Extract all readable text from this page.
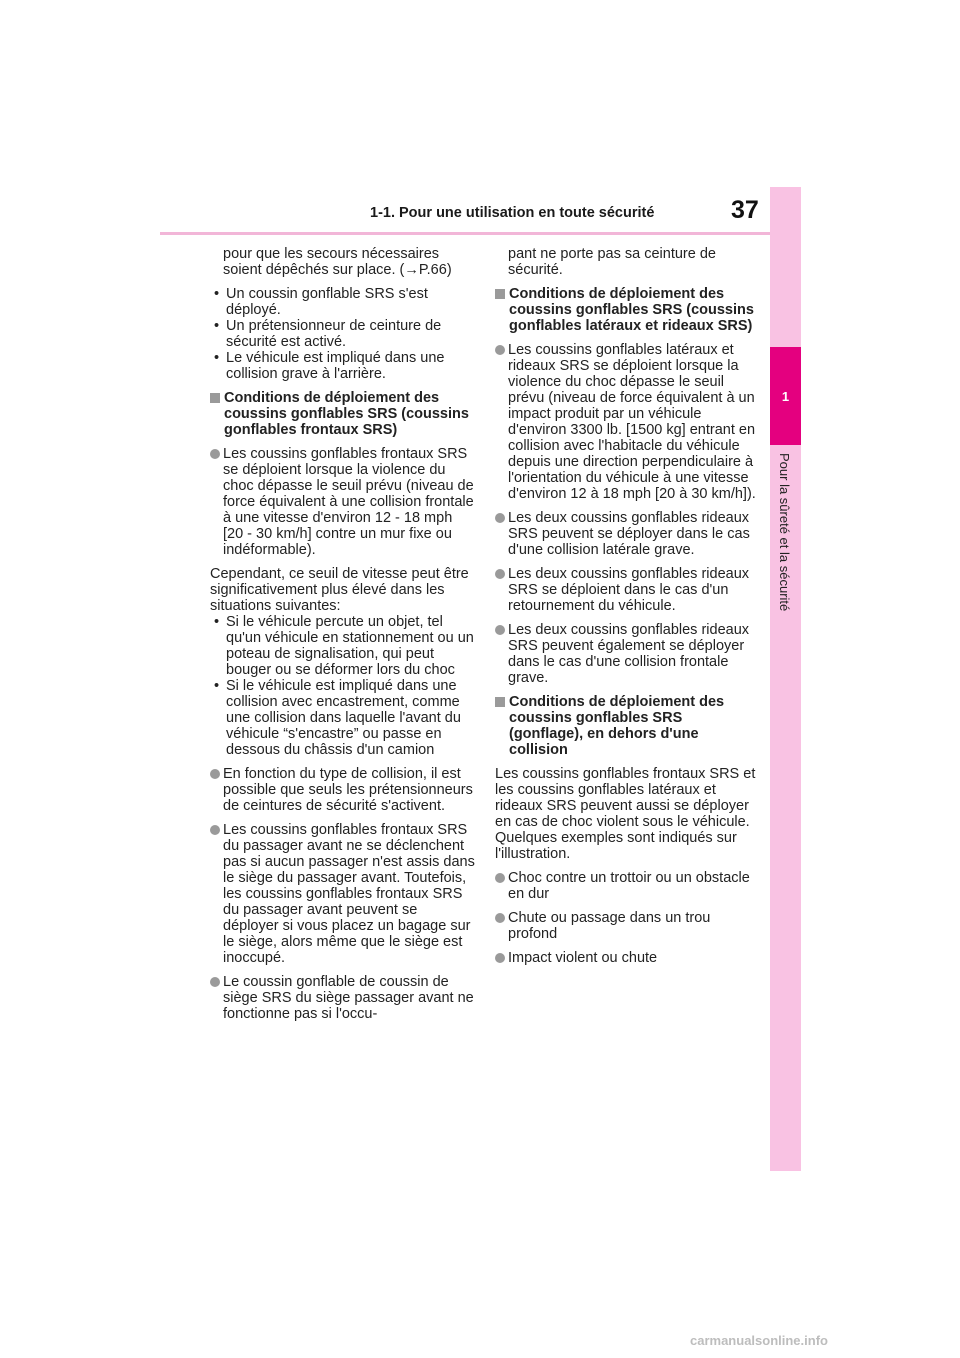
1-1. Pour une utilisation en toute sécurité	37
1
Pour la sûreté et la sécurité
pour que les secours nécessaires soient dépêchés sur place. (→P.66)
• Un coussin gonflable SRS s'est déployé.
• Un prétensionneur de ceinture de sécurité est activé.
• Le véhicule est impliqué dans une collision grave à l'arrière.
Conditions de déploiement des coussins gonflables SRS (coussins gonflables frontaux SRS)
Les coussins gonflables frontaux SRS se déploient lorsque la violence du choc dépasse le seuil prévu (niveau de force équivalent à une collision frontale à une vitesse d'environ 12 - 18 mph [20 - 30 km/h] contre un mur fixe ou indéformable).
Cependant, ce seuil de vitesse peut être significativement plus élevé dans les situations suivantes:
• Si le véhicule percute un objet, tel qu'un véhicule en stationnement ou un poteau de signalisation, qui peut bouger ou se déformer lors du choc
• Si le véhicule est impliqué dans une collision avec encastrement, comme une collision dans laquelle l'avant du véhicule “s'encastre” ou passe en dessous du châssis d'un camion
En fonction du type de collision, il est possible que seuls les prétensionneurs de ceintures de sécurité s'activent.
Les coussins gonflables frontaux SRS du passager avant ne se déclenchent pas si aucun passager n'est assis dans le siège du passager avant. Toutefois, les coussins gonflables frontaux SRS du passager avant peuvent se déployer si vous placez un bagage sur le siège, alors même que le siège est inoccupé.
Le coussin gonflable de coussin de siège SRS du siège passager avant ne fonctionne pas si l'occu-
pant ne porte pas sa ceinture de sécurité.
Conditions de déploiement des coussins gonflables SRS (coussins gonflables latéraux et rideaux SRS)
Les coussins gonflables latéraux et rideaux SRS se déploient lorsque la violence du choc dépasse le seuil prévu (niveau de force équivalent à un impact produit par un véhicule d'environ 3300 lb. [1500 kg] entrant en collision avec l'habitacle du véhicule depuis une direction perpendiculaire à l'orientation du véhicule à une vitesse d'environ 12 à 18 mph [20 à 30 km/h]).
Les deux coussins gonflables rideaux SRS peuvent se déployer dans le cas d'une collision latérale grave.
Les deux coussins gonflables rideaux SRS se déploient dans le cas d'un retournement du véhicule.
Les deux coussins gonflables rideaux SRS peuvent également se déployer dans le cas d'une collision frontale grave.
Conditions de déploiement des coussins gonflables SRS (gonflage), en dehors d'une collision
Les coussins gonflables frontaux SRS et les coussins gonflables latéraux et rideaux SRS peuvent aussi se déployer en cas de choc violent sous le véhicule. Quelques exemples sont indiqués sur l'illustration.
Choc contre un trottoir ou un obstacle en dur
Chute ou passage dans un trou profond
Impact violent ou chute
carmanualsonline.info
